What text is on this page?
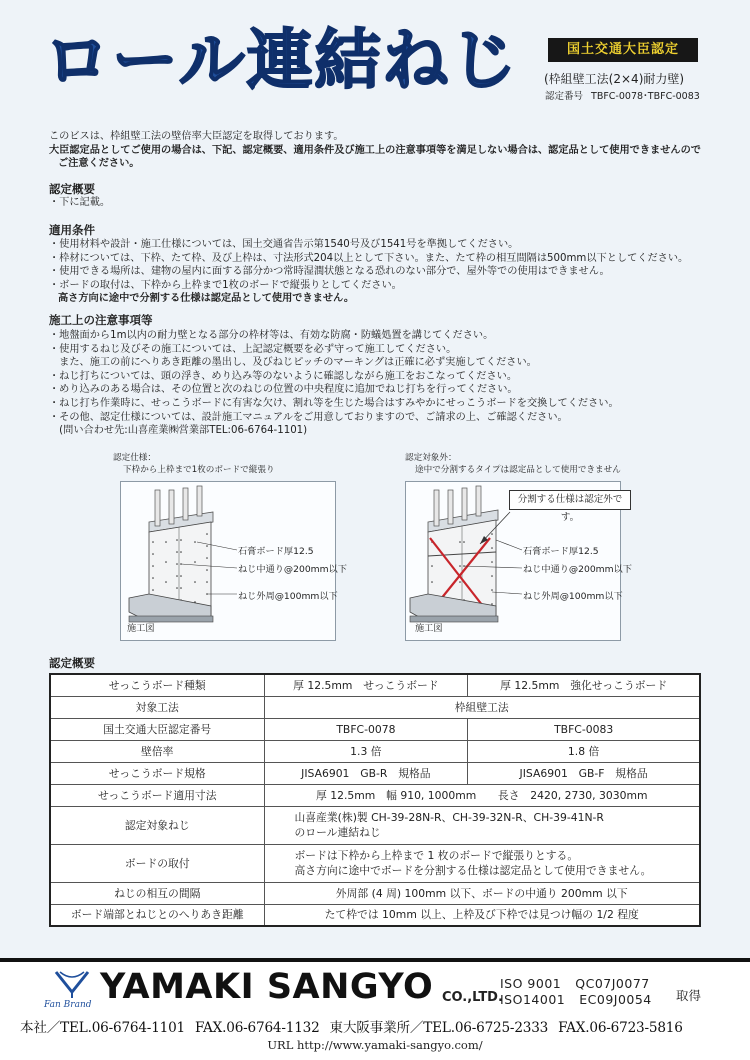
ロール連結ねじ	国土交通大臣認定
(枠組壁工法(2×4)耐力壁)
認定番号 TBFC-0078･TBFC-0083
このビスは、枠組壁工法の壁倍率大臣認定を取得しております。
大臣認定品としてご使用の場合は、下記、認定概要、適用条件及び施工上の注意事項等を満足しない場合は、認定品として使用できませんので
ご注意ください。
認定概要
・下に記載。
適用条件
・使用材料や設計・施工仕様については、国土交通省告示第1540号及び1541号を準拠してください。
・枠材については、下枠、たて枠、及び上枠は、寸法形式204以上として下さい。また、たて枠の相互間隔は500mm以下としてください。
・使用できる場所は、建物の屋内に面する部分かつ常時湿潤状態となる恐れのない部分で、屋外等での使用はできません。
・ボードの取付は、下枠から上枠まで1枚のボードで縦張りとしてください。
高さ方向に途中で分割する仕様は認定品として使用できません。
施工上の注意事項等
・地盤面から1m以内の耐力壁となる部分の枠材等は、有効な防腐・防蟻処置を講じてください。
・使用するねじ及びその施工については、上記認定概要を必ず守って施工してください。
　また、施工の前にへりあき距離の墨出し、及びねじピッチのマーキングは正確に必ず実施してください。
・ねじ打ちについては、頭の浮き、めり込み等のないように確認しながら施工をおこなってください。
・めり込みのある場合は、その位置と次のねじの位置の中央程度に追加でねじ打ちを行ってください。
・ねじ打ち作業時に、せっこうボードに有害な欠け、割れ等を生じた場合はすみやかにせっこうボードを交換してください。
・その他、認定仕様については、設計施工マニュアルをご用意しておりますので、ご請求の上、ご確認ください。
　(問い合わせ先:山喜産業㈱営業部TEL:06-6764-1101)
認定仕様：
下枠から上枠まで1枚のボードで縦張り
石膏ボード厚12.5
ねじ中通り@200mm以下
ねじ外周@100mm以下
施工図
認定対象外：
途中で分割するタイプは認定品として使用できません
分割する仕様は認定外です。
石膏ボード厚12.5
ねじ中通り@200mm以下
ねじ外周@100mm以下
施工図
認定概要
せっこうボード種類	厚 12.5mm　せっこうボード	厚 12.5mm　強化せっこうボード
対象工法	枠組壁工法	
国土交通大臣認定番号	TBFC-0078	TBFC-0083
壁倍率	1.3 倍	1.8 倍
せっこうボード規格	JISA6901　GB-R　規格品	JISA6901　GB-F　規格品
せっこうボード適用寸法	厚 12.5mm　幅 910, 1000mm　　長さ　2420, 2730, 3030mm	
認定対象ねじ	山喜産業(株)製 CH-39-28N-R、CH-39-32N-R、CH-39-41N-R
のロール連結ねじ	

ボードの取付	ボードは下枠から上枠まで 1 枚のボードで縦張りとする。
高さ方向に途中でボードを分割する仕様は認定品として使用できません。	

ねじの相互の間隔	外周部 (4 周) 100mm 以下、ボードの中通り 200mm 以下	
ボード端部とねじとのへりあき距離	たて枠では 10mm 以上、上枠及び下枠では見つけ幅の 1/2 程度	
Fan Brand YAMAKI SANGYO CO.,LTD.
ISO 9001 QC07J0077
ISO14001 EC09J0054 取得
本社／TEL.06-6764-1101 FAX.06-6764-1132 東大阪事業所／TEL.06-6725-2333 FAX.06-6723-5816
URL http://www.yamaki-sangyo.com/
